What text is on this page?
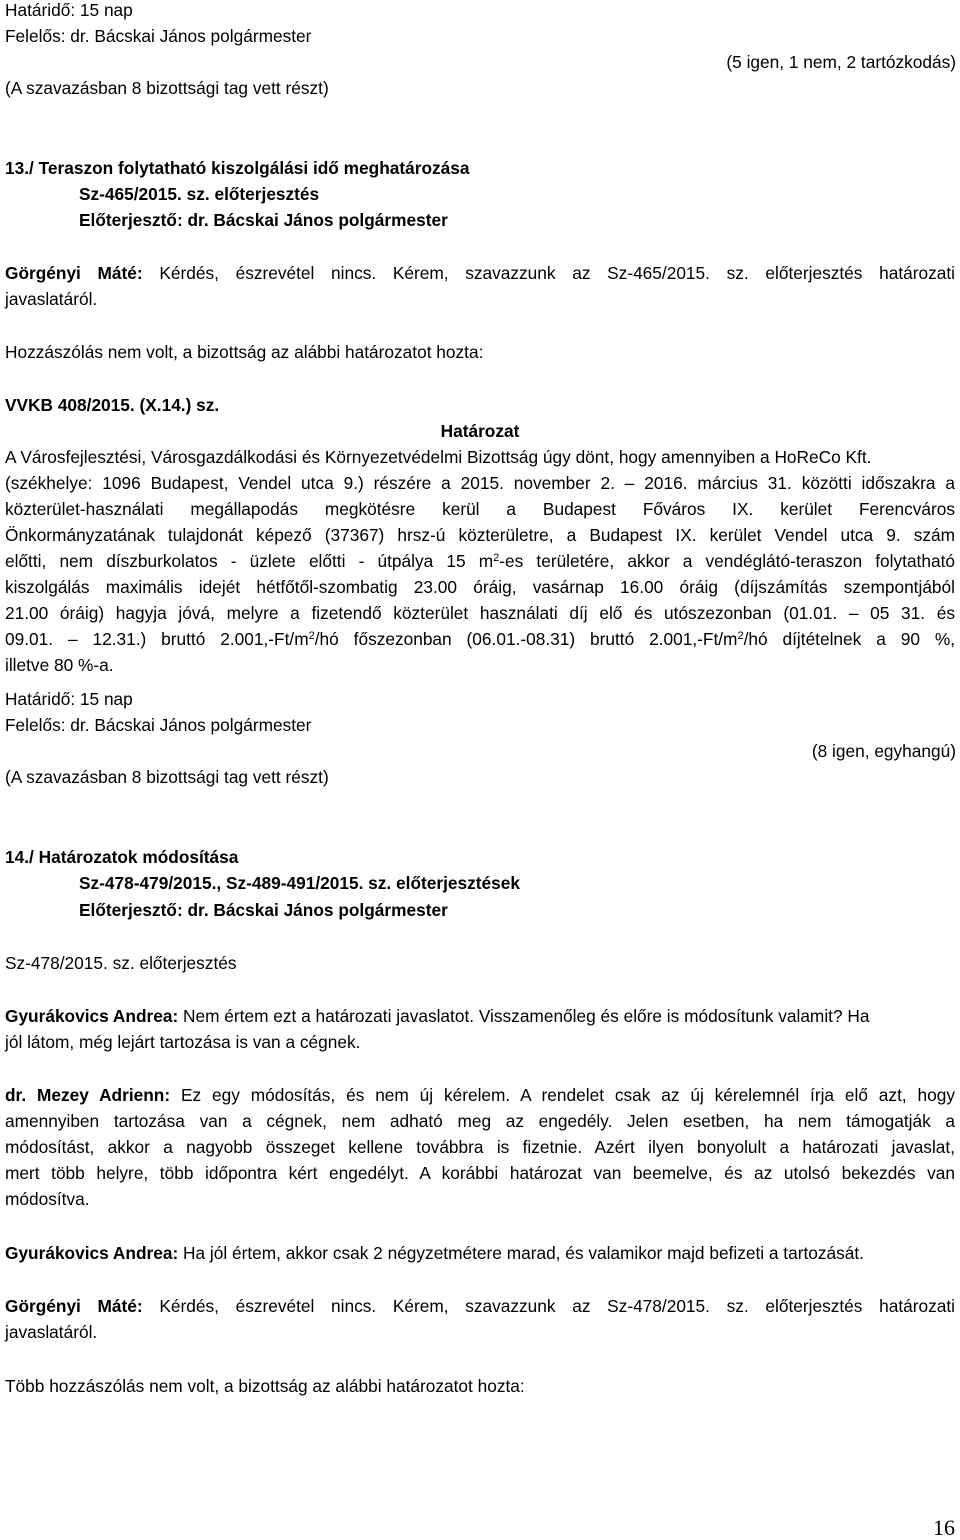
Határidő: 15 nap
Felelős: dr. Bácskai János polgármester
(5 igen, 1 nem, 2 tartózkodás)
(A szavazásban 8 bizottsági tag vett részt)
13./ Teraszon folytatható kiszolgálási idő meghatározása
Sz-465/2015. sz. előterjesztés
Előterjesztő: dr. Bácskai János polgármester
Görgényi Máté: Kérdés, észrevétel nincs. Kérem, szavazzunk az Sz-465/2015. sz. előterjesztés határozati
javaslatáról.
Hozzászólás nem volt, a bizottság az alábbi határozatot hozta:
VVKB 408/2015. (X.14.) sz.
Határozat
A Városfejlesztési, Városgazdálkodási és Környezetvédelmi Bizottság úgy dönt, hogy amennyiben a HoReCo Kft.
(székhelye: 1096 Budapest, Vendel utca 9.) részére a 2015. november 2. – 2016. március 31. közötti időszakra a
közterület-használati megállapodás megkötésre kerül a Budapest Főváros IX. kerület Ferencváros
Önkormányzatának tulajdonát képező (37367) hrsz-ú közterületre, a Budapest IX. kerület Vendel utca 9. szám
előtti, nem díszburkolatos - üzlete előtti - útpálya 15 $m^2-es$ területére, akkor a vendéglátó-teraszon folytatható
kiszolgálás maximális idejét hétfőtől-szombatig 23.00 óráig, vasárnap 16.00 óráig (díjszámítás szempontjából
21.00 óráig) hagyja jóvá, melyre a fizetendő közterület használati díj elő és utószezonban (01.01. – 05 31. és
09.01. – 12.31.) bruttó $2.001,-Ft/m^2/hó$ főszezonban (06.01.-08.31) bruttó $2.001,-Ft/m^2/hó$ díjtételnek a 90 %,
illetve 80 %-a.
Határidő: 15 nap
Felelős: dr. Bácskai János polgármester
(8 igen, egyhangú)
(A szavazásban 8 bizottsági tag vett részt)
14./ Határozatok módosítása
Sz-478-479/2015., Sz-489-491/2015. sz. előterjesztések
Előterjesztő: dr. Bácskai János polgármester
Sz-478/2015. sz. előterjesztés
Gyurákovics Andrea: Nem értem ezt a határozati javaslatot. Visszamenőleg és előre is módosítunk valamit? Ha
jól látom, még lejárt tartozása is van a cégnek.
dr. Mezey Adrienn: Ez egy módosítás, és nem új kérelem. A rendelet csak az új kérelemnél írja elő azt, hogy
amennyiben tartozása van a cégnek, nem adható meg az engedély. Jelen esetben, ha nem támogatják a
módosítást, akkor a nagyobb összeget kellene továbbra is fizetnie. Azért ilyen bonyolult a határozati javaslat,
mert több helyre, több időpontra kért engedélyt. A korábbi határozat van beemelve, és az utolsó bekezdés van
módosítva.
Gyurákovics Andrea: Ha jól értem, akkor csak 2 négyzetmétere marad, és valamikor majd befizeti a tartozását.
Görgényi Máté: Kérdés, észrevétel nincs. Kérem, szavazzunk az Sz-478/2015. sz. előterjesztés határozati
javaslatáról.
Több hozzászólás nem volt, a bizottság az alábbi határozatot hozta:
16
